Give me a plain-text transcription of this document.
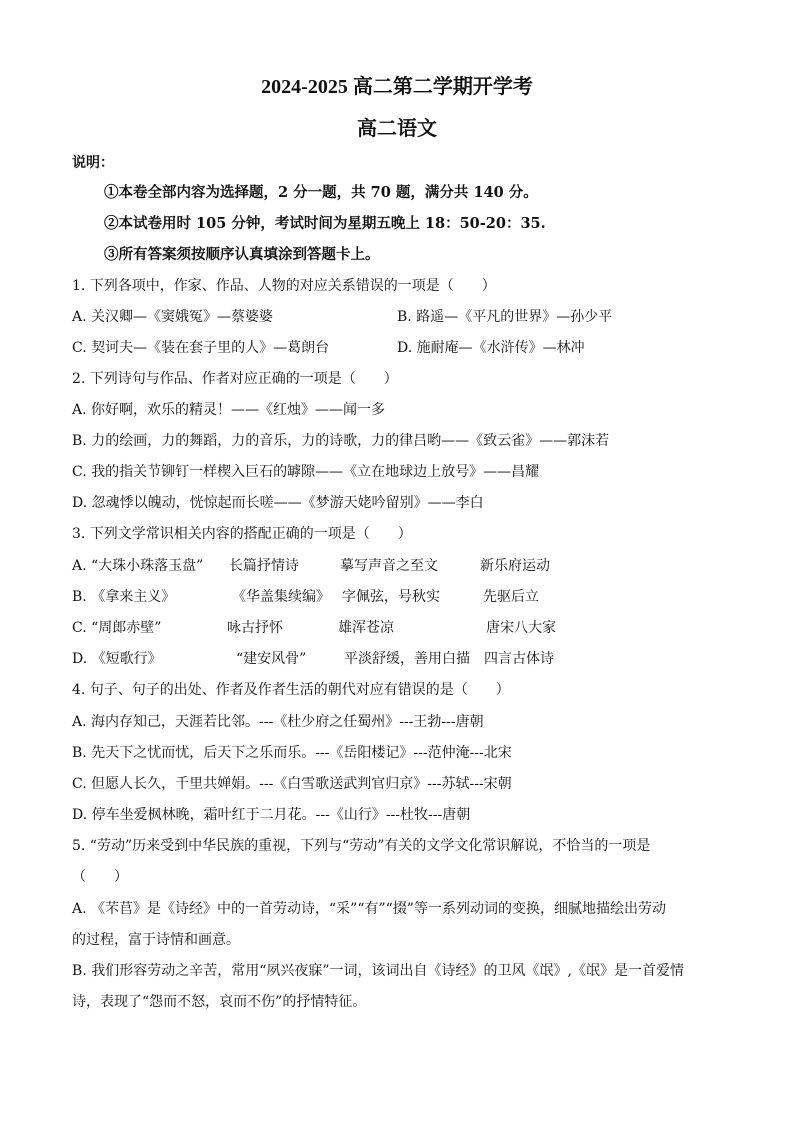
2024-2025 高二第二学期开学考
高二语文
说明：
①本卷全部内容为选择题，2 分一题，共 70 题，满分共 140 分。
②本试卷用时 105 分钟，考试时间为星期五晚上 18：50-20：35.
③所有答案须按顺序认真填涂到答题卡上。
1. 下列各项中，作家、作品、人物的对应关系错误的一项是（　　）
A. 关汉卿—《窦娥冤》—蔡婆婆	B. 路遥—《平凡的世界》—孙少平
C. 契诃夫—《装在套子里的人》—葛朗台	D. 施耐庵—《水浒传》—林冲
2. 下列诗句与作品、作者对应正确的一项是（　　）
A. 你好啊，欢乐的精灵！——《红烛》——闻一多
B. 力的绘画，力的舞蹈，力的音乐，力的诗歌，力的律吕哟——《致云雀》——郭沫若
C. 我的指关节铆钉一样楔入巨石的罅隙——《立在地球边上放号》——昌耀
D. 忽魂悸以魄动，恍惊起而长嗟——《梦游天姥吟留别》——李白
3. 下列文学常识相关内容的搭配正确的一项是（　　）
A. “大珠小珠落玉盘” 长篇抒情诗	摹写声音之至文	新乐府运动
B. 《拿来主义》	《华盖集续编》 字佩弦，号秋实	先驱后立
C. “周郎赤壁”	咏古抒怀	雄浑苍凉	唐宋八大家
D. 《短歌行》	“建安风骨”	平淡舒缓，善用白描 四言古体诗
4. 句子、句子的出处、作者及作者生活的朝代对应有错误的是（　　）
A. 海内存知己，天涯若比邻。---《杜少府之任蜀州》---王勃---唐朝
B. 先天下之忧而忧，后天下之乐而乐。---《岳阳楼记》---范仲淹---北宋
C. 但愿人长久，千里共婵娟。---《白雪歌送武判官归京》---苏轼---宋朝
D. 停车坐爱枫林晚，霜叶红于二月花。---《山行》---杜牧---唐朝
5. “劳动”历来受到中华民族的重视，下列与“劳动”有关的文学文化常识解说，不恰当的一项是
（　　）
A. 《芣苢》是《诗经》中的一首劳动诗，“采”“有”“掇”等一系列动词的变换，细腻地描绘出劳动
的过程，富于诗情和画意。
B. 我们形容劳动之辛苦，常用“夙兴夜寐”一词，该词出自《诗经》的卫风《氓》,《氓》是一首爱情
诗，表现了“怨而不怒，哀而不伤”的抒情特征。
